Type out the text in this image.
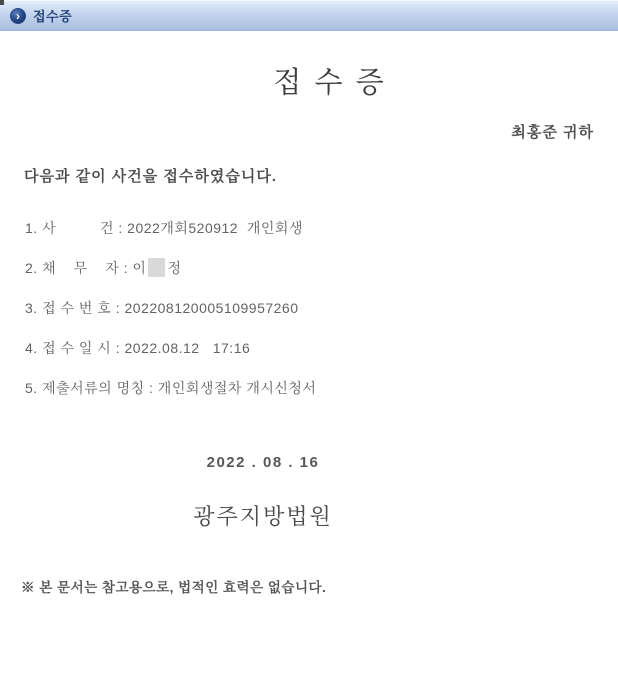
›	접수증
접 수 증
최홍준 귀하
다음과 같이 사건을 접수하였습니다.
1. 사          건 : 2022개회520912  개인회생
2. 채    무    자 : 이 정
3. 접 수 번 호 : 202208120005109957260
4. 접 수 일 시 : 2022.08.12   17:16
5. 제출서류의 명칭 : 개인회생절차 개시신청서
2022 . 08 . 16
광주지방법원
※ 본 문서는 참고용으로, 법적인 효력은 없습니다.
